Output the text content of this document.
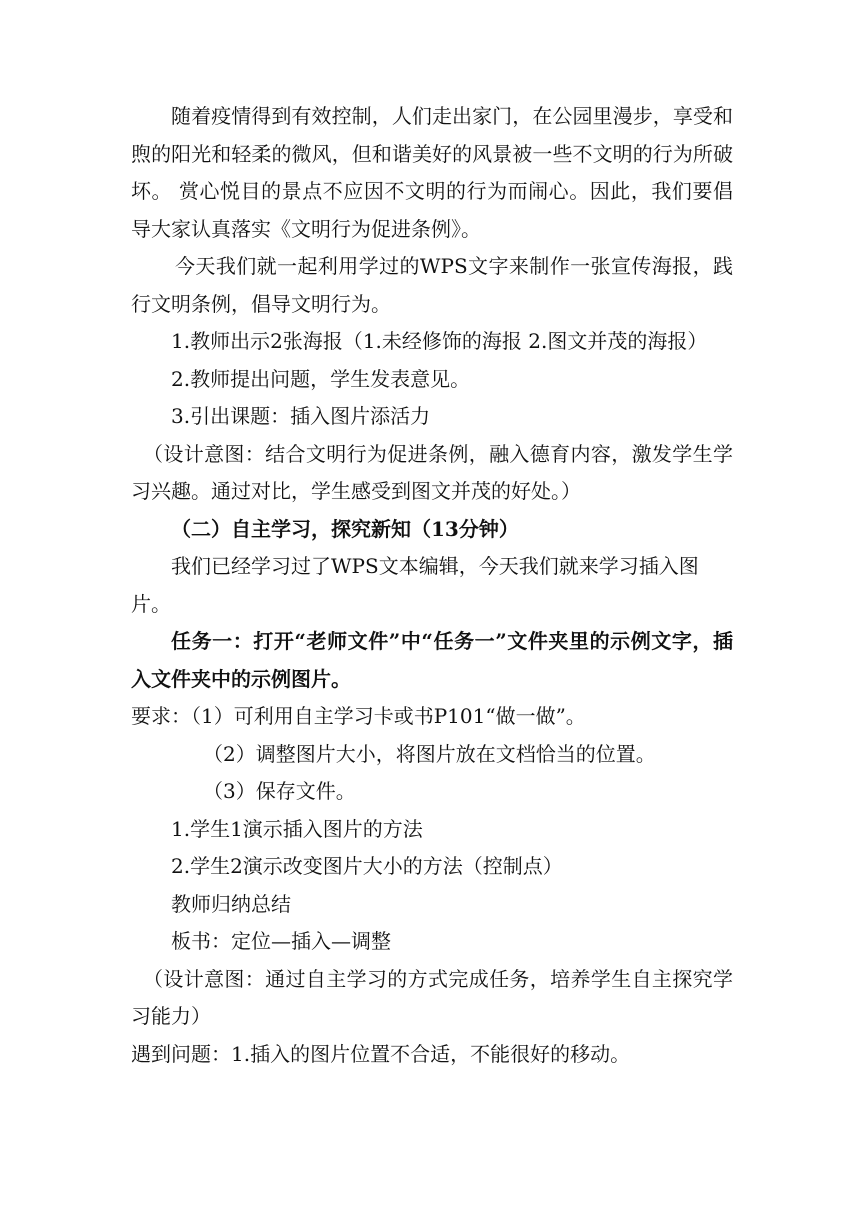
随着疫情得到有效控制，人们走出家门，在公园里漫步，享受和煦的阳光和轻柔的微风，但和谐美好的风景被一些不文明的行为所破坏。 赏心悦目的景点不应因不文明的行为而闹心。因此，我们要倡导大家认真落实《文明行为促进条例》。

今天我们就一起利用学过的WPS文字来制作一张宣传海报，践行文明条例，倡导文明行为。

1.教师出示2张海报（1.未经修饰的海报 2.图文并茂的海报）

2.教师提出问题，学生发表意见。

3.引出课题：插入图片添活力

（设计意图：结合文明行为促进条例，融入德育内容，激发学生学习兴趣。通过对比，学生感受到图文并茂的好处。）

（二）自主学习，探究新知（13分钟）

我们已经学习过了WPS文本编辑，今天我们就来学习插入图片。

任务一：打开“老师文件”中“任务一”文件夹里的示例文字，插入文件夹中的示例图片。

要求：（1）可利用自主学习卡或书P101“做一做”。

（2）调整图片大小，将图片放在文档恰当的位置。

（3）保存文件。

1.学生1演示插入图片的方法

2.学生2演示改变图片大小的方法（控制点）

教师归纳总结

板书：定位—插入—调整

（设计意图：通过自主学习的方式完成任务，培养学生自主探究学习能力）

遇到问题：1.插入的图片位置不合适，不能很好的移动。
